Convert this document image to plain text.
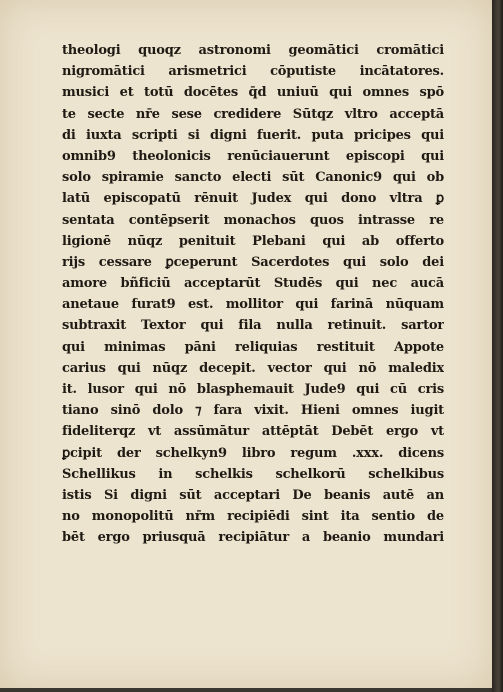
theologi quoqz astronomi geomātici cromātici
nigromātici arismetrici cōputiste incātatores.
musici et totū docētes q̄d uniuū qui omnes spō
te secte nr̄e sese credidere Sūtqz vltro acceptā
di iuxta scripti si digni fuerit. puta pricipes qui
omnib9 theolonicis renūciauerunt episcopi qui
solo spiramie sancto electi sūt Canonic9 qui ob
latū episcopatū rēnuit Judex qui dono vltra ꝑ
sentata contēpserit monachos quos intrasse re
ligionē nūqz penituit Plebani qui ab offerto
rijs cessare ꝑceperunt Sacerdotes qui solo dei
amore bñficiū acceptarūt Studēs qui nec aucā
anetaue furat9 est. mollitor qui farinā nūquam
subtraxit Textor qui fila nulla retinuit. sartor
qui minimas pāni reliquias restituit Appote
carius qui nūqz decepit. vector qui nō maledix
it. lusor qui nō blasphemauit Jude9 qui cū cris
tiano sinō dolo ⁊ fara vixit. Hieni omnes iugit
fideliterqz vt assūmātur attēptāt Debēt ergo vt
ꝑcipit der schelkyn9 libro regum .xxx. dicens
Schellikus in schelkis schelkorū schelkibus
istis Si digni sūt acceptari De beanis autē an
no monopolitū nr̄m recipiēdi sint ita sentio de
bēt ergo priusquā recipiātur a beanio mundari
